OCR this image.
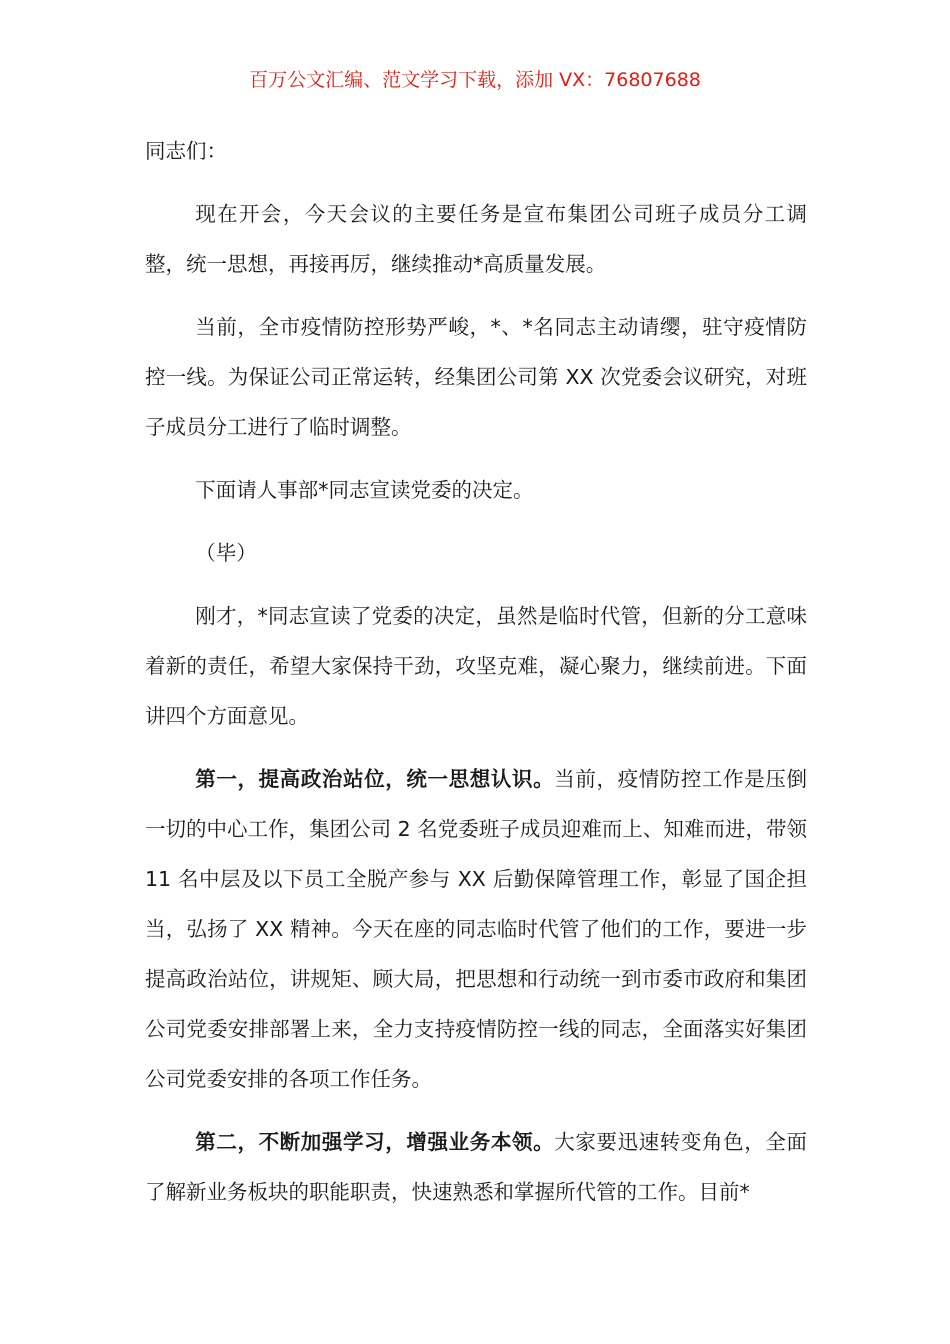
百万公文汇编、范文学习下载，添加 VX：76807688

同志们：

现在开会，今天会议的主要任务是宣布集团公司班子成员分工调整，统一思想，再接再厉，继续推动*高质量发展。

当前，全市疫情防控形势严峻，*、*名同志主动请缨，驻守疫情防控一线。为保证公司正常运转，经集团公司第 XX 次党委会议研究，对班子成员分工进行了临时调整。

下面请人事部*同志宣读党委的决定。

（毕）

刚才，*同志宣读了党委的决定，虽然是临时代管，但新的分工意味着新的责任，希望大家保持干劲，攻坚克难，凝心聚力，继续前进。下面讲四个方面意见。

第一，提高政治站位，统一思想认识。当前，疫情防控工作是压倒一切的中心工作，集团公司 2 名党委班子成员迎难而上、知难而进，带领 11 名中层及以下员工全脱产参与 XX 后勤保障管理工作，彰显了国企担当，弘扬了 XX 精神。今天在座的同志临时代管了他们的工作，要进一步提高政治站位，讲规矩、顾大局，把思想和行动统一到市委市政府和集团公司党委安排部署上来，全力支持疫情防控一线的同志，全面落实好集团公司党委安排的各项工作任务。

第二，不断加强学习，增强业务本领。大家要迅速转变角色，全面了解新业务板块的职能职责，快速熟悉和掌握所代管的工作。目前*
